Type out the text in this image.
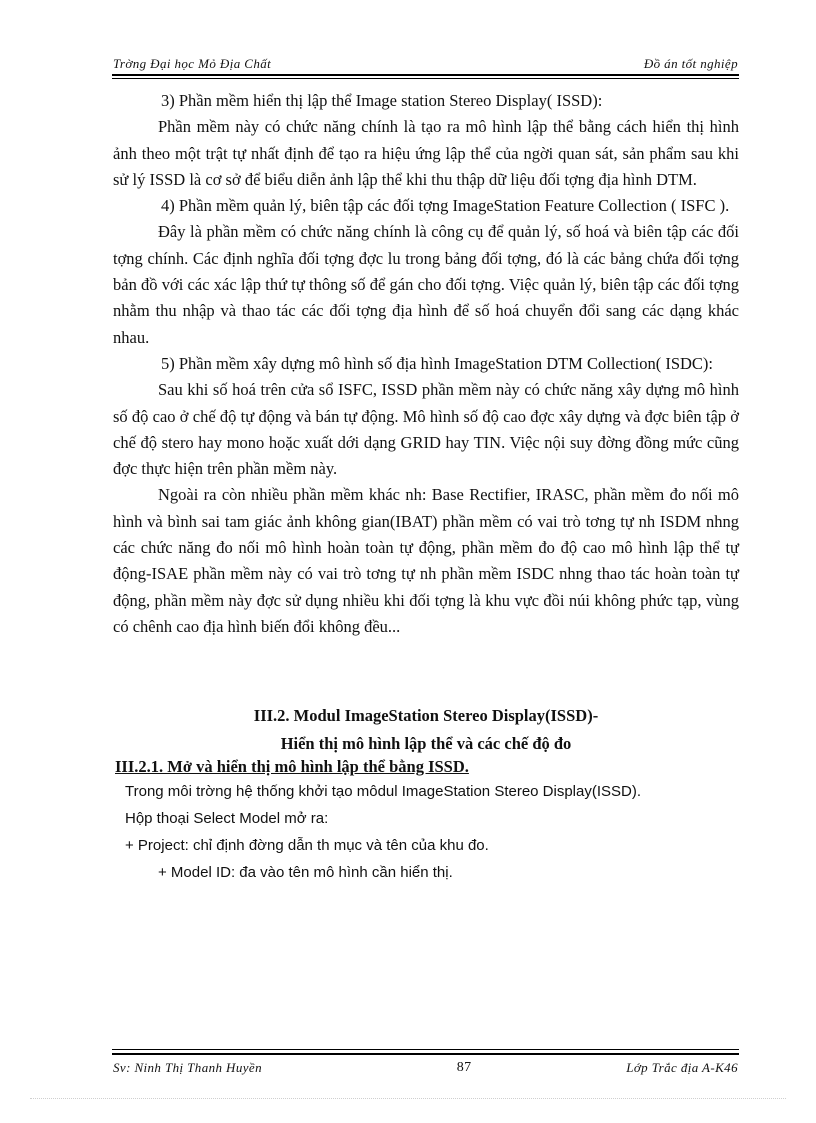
Trờng Đại học Mỏ Địa Chất	Đồ án tốt nghiệp

3) Phần mềm hiển thị lập thể Image station Stereo Display( ISSD):

Phần mềm này có chức năng chính là tạo ra mô hình lập thể bằng cách hiển thị hình ảnh theo một trật tự nhất định để tạo ra hiệu ứng lập thể của ngời quan sát, sản phẩm sau khi sử lý ISSD là cơ sở để biểu diễn ảnh lập thể khi thu thập dữ liệu đối tợng địa hình DTM.

4) Phần mềm quản lý, biên tập các đối tợng ImageStation Feature Collection ( ISFC ).

Đây là phần mềm có chức năng chính là công cụ để quản lý, số hoá và biên tập các đối tợng chính. Các định nghĩa đối tợng đợc lu trong bảng đối tợng, đó là các bảng chứa đối tợng bản đồ với các xác lập thứ tự thông số để gán cho đối tợng. Việc quản lý, biên tập các đối tợng nhằm thu nhập và thao tác các đối tợng địa hình để số hoá chuyển đổi sang các dạng khác nhau.

5) Phần mềm xây dựng mô hình số địa hình ImageStation DTM Collection( ISDC):

Sau khi số hoá trên cửa sổ ISFC, ISSD phần mềm này có chức năng xây dựng mô hình số độ cao ở chế độ tự động và bán tự động. Mô hình số độ cao đợc xây dựng và đợc biên tập ở chế độ stero hay mono hoặc xuất dới dạng GRID hay TIN. Việc nội suy đờng đồng mức cũng đợc thực hiện trên phần mềm này.

Ngoài ra còn nhiều phần mềm khác nh: Base Rectifier, IRASC, phần mềm đo nối mô hình và bình sai tam giác ảnh không gian(IBAT) phần mềm có vai trò tơng tự nh ISDM nhng các chức năng đo nối mô hình hoàn toàn tự động, phần mềm đo độ cao mô hình lập thể tự động-ISAE phần mềm này có vai trò tơng tự nh phần mềm ISDC nhng thao tác hoàn toàn tự động, phần mềm này đợc sử dụng nhiều khi đối tợng là khu vực đồi núi không phức tạp, vùng có chênh cao địa hình biến đổi không đều...

III.2. Modul ImageStation Stereo Display(ISSD)-

Hiển thị mô hình lập thể và các chế độ đo

III.2.1. Mở và hiển thị mô hình lập thể bằng ISSD.

Trong môi trờng hệ thống khởi tạo môdul ImageStation Stereo Display(ISSD).

Hộp thoại Select Model mở ra:

+ Project: chỉ định đờng dẫn th mục và tên của khu đo.

+ Model ID: đa vào tên mô hình cần hiển thị.

Sv: Ninh Thị Thanh Huyền	87	Lớp Trắc địa A-K46
